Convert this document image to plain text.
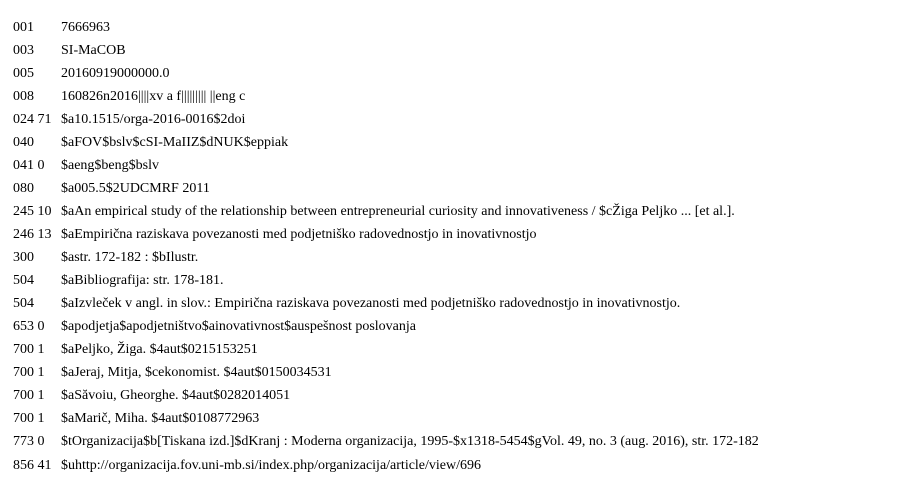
001 7666963
003 SI-MaCOB
005 20160919000000.0
008 160826n2016||||xv a f||||||||| ||eng c
024 71 $a10.1515/orga-2016-0016$2doi
040 $aFOV$bslv$cSI-MaIIZ$dNUK$eppiak
041 0 $aeng$beng$bslv
080 $a005.5$2UDCMRF 2011
245 10 $aAn empirical study of the relationship between entrepreneurial curiosity and innovativeness / $cŽiga Peljko ... [et al.].
246 13 $aEmpirična raziskava povezanosti med podjetniško radovednostjo in inovativnostjo
300 $astr. 172-182 : $bIlustr.
504 $aBibliografija: str. 178-181.
504 $aIzvleček v angl. in slov.: Empirična raziskava povezanosti med podjetniško radovednostjo in inovativnostjo.
653 0 $apodjetja$apodjetništvo$ainovativnost$auspešnost poslovanja
700 1 $aPeljko, Žiga. $4aut$0215153251
700 1 $aJeraj, Mitja, $cekonomist. $4aut$0150034531
700 1 $aSăvoiu, Gheorghe. $4aut$0282014051
700 1 $aMarič, Miha. $4aut$0108772963
773 0 $tOrganizacija$b[Tiskana izd.]$dKranj : Moderna organizacija, 1995-$x1318-5454$gVol. 49, no. 3 (aug. 2016), str. 172-182
856 41 $uhttp://organizacija.fov.uni-mb.si/index.php/organizacija/article/view/696
